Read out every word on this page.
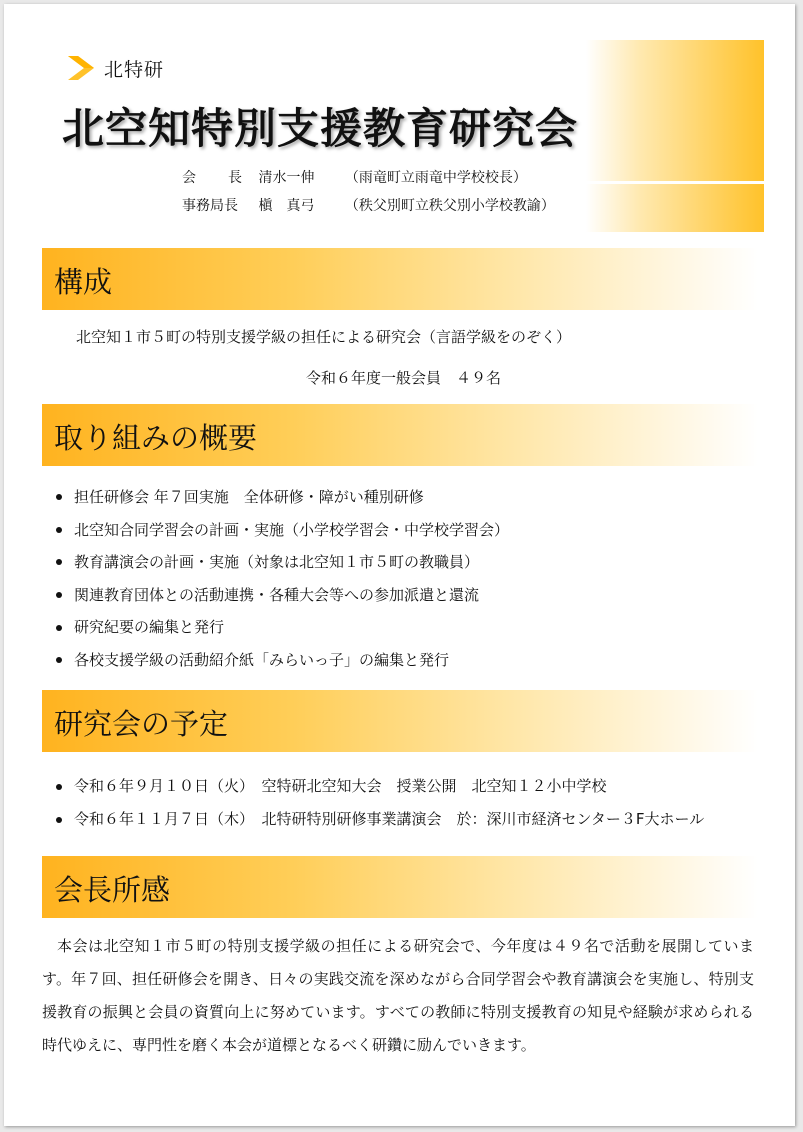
北特研
北空知特別支援教育研究会
会　長 清水一伸 （雨竜町立雨竜中学校校長）
事務局長 槇　真弓 （秩父別町立秩父別小学校教諭）
構成
北空知１市５町の特別支援学級の担任による研究会（言語学級をのぞく）
令和６年度一般会員　４９名
取り組みの概要
担任研修会 年７回実施　全体研修・障がい種別研修
北空知合同学習会の計画・実施（小学校学習会・中学校学習会）
教育講演会の計画・実施（対象は北空知１市５町の教職員）
関連教育団体との活動連携・各種大会等への参加派遣と還流
研究紀要の編集と発行
各校支援学級の活動紹介紙「みらいっ子」の編集と発行
研究会の予定
令和６年９月１０日（火）　空特研北空知大会　授業公開　北空知１２小中学校
令和６年１１月７日（木）　北特研特別研修事業講演会　於：深川市経済センター３F大ホール
会長所感

本会は北空知１市５町の特別支援学級の担任による研究会で、今年度は４９名で活動を展開しています。年７回、担任研修会を開き、日々の実践交流を深めながら合同学習会や教育講演会を実施し、特別支援教育の振興と会員の資質向上に努めています。すべての教師に特別支援教育の知見や経験が求められる時代ゆえに、専門性を磨く本会が道標となるべく研鑽に励んでいきます。
